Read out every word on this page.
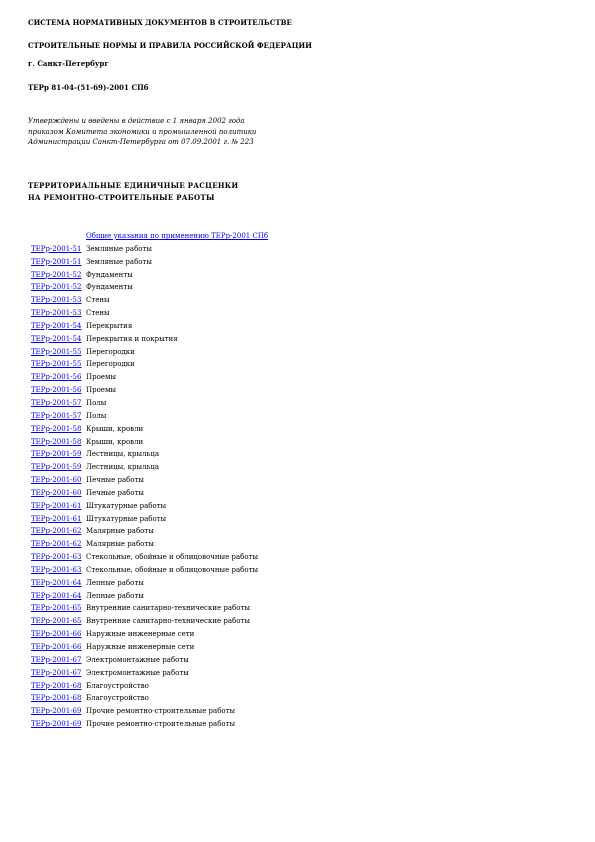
СИСТЕМА НОРМАТИВНЫХ ДОКУМЕНТОВ В СТРОИТЕЛЬСТВЕ
СТРОИТЕЛЬНЫЕ НОРМЫ И ПРАВИЛА РОССИЙСКОЙ ФЕДЕРАЦИИ
г. Санкт-Петербург
ТЕРр 81-04-(51-69)-2001 СПб
Утверждены и введены в действие с 1 января 2002 года
приказом Комитета экономики и промышленной политики
Администрации Санкт-Петербурга от 07.09.2001 г. № 223
ТЕРРИТОРИАЛЬНЫЕ ЕДИНИЧНЫЕ РАСЦЕНКИ
НА РЕМОНТНО-СТРОИТЕЛЬНЫЕ РАБОТЫ
Общие указания по применению ТЕРр-2001 СПб
ТЕРр-2001-51 Земляные работы
ТЕРр-2001-51 Земляные работы
ТЕРр-2001-52 Фундаменты
ТЕРр-2001-52 Фундаменты
ТЕРр-2001-53 Стены
ТЕРр-2001-53 Стены
ТЕРр-2001-54 Перекрытия
ТЕРр-2001-54 Перекрытия и покрытия
ТЕРр-2001-55 Перегородки
ТЕРр-2001-55 Перегородки
ТЕРр-2001-56 Проемы
ТЕРр-2001-56 Проемы
ТЕРр-2001-57 Полы
ТЕРр-2001-57 Полы
ТЕРр-2001-58 Крыши, кровли
ТЕРр-2001-58 Крыши, кровли
ТЕРр-2001-59 Лестницы, крыльца
ТЕРр-2001-59 Лестницы, крыльца
ТЕРр-2001-60 Печные работы
ТЕРр-2001-60 Печные работы
ТЕРр-2001-61 Штукатурные работы
ТЕРр-2001-61 Штукатурные работы
ТЕРр-2001-62 Малярные работы
ТЕРр-2001-62 Малярные работы
ТЕРр-2001-63 Стекольные, обойные и облицовочные работы
ТЕРр-2001-63 Стекольные, обойные и облицовочные работы
ТЕРр-2001-64 Лепные работы
ТЕРр-2001-64 Лепные работы
ТЕРр-2001-65 Внутренние санитарно-технические работы
ТЕРр-2001-65 Внутренние санитарно-технические работы
ТЕРр-2001-66 Наружные инженерные сети
ТЕРр-2001-66 Наружные инженерные сети
ТЕРр-2001-67 Электромонтажные работы
ТЕРр-2001-67 Электромонтажные работы
ТЕРр-2001-68 Благоустройство
ТЕРр-2001-68 Благоустройство
ТЕРр-2001-69 Прочие ремонтно-строительные работы
ТЕРр-2001-69 Прочие ремонтно-строительные работы
